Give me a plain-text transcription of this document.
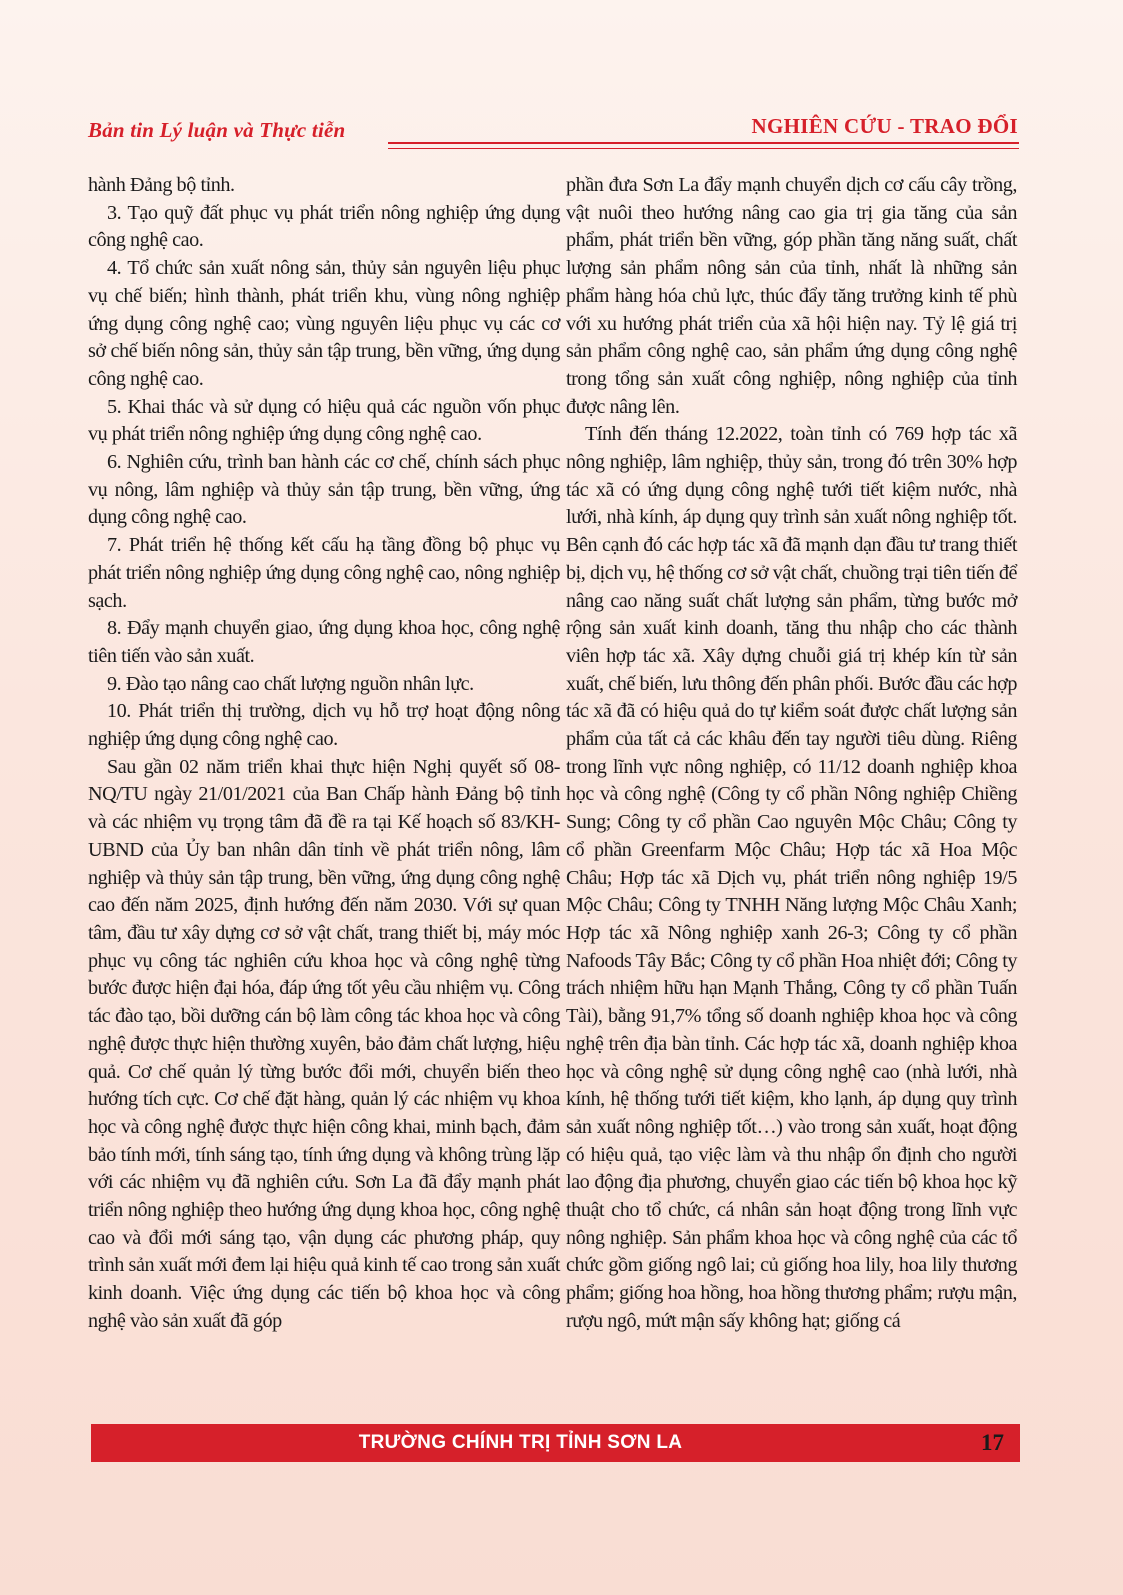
Bản tin Lý luận và Thực tiễn	NGHIÊN CỨU - TRAO ĐỔI

hành Đảng bộ tỉnh.

3. Tạo quỹ đất phục vụ phát triển nông nghiệp ứng dụng công nghệ cao.

4. Tổ chức sản xuất nông sản, thủy sản nguyên liệu phục vụ chế biến; hình thành, phát triển khu, vùng nông nghiệp ứng dụng công nghệ cao; vùng nguyên liệu phục vụ các cơ sở chế biến nông sản, thủy sản tập trung, bền vững, ứng dụng công nghệ cao.

5. Khai thác và sử dụng có hiệu quả các nguồn vốn phục vụ phát triển nông nghiệp ứng dụng công nghệ cao.

6. Nghiên cứu, trình ban hành các cơ chế, chính sách phục vụ nông, lâm nghiệp và thủy sản tập trung, bền vững, ứng dụng công nghệ cao.

7. Phát triển hệ thống kết cấu hạ tầng đồng bộ phục vụ phát triển nông nghiệp ứng dụng công nghệ cao, nông nghiệp sạch.

8. Đẩy mạnh chuyển giao, ứng dụng khoa học, công nghệ tiên tiến vào sản xuất.

9. Đào tạo nâng cao chất lượng nguồn nhân lực.

10. Phát triển thị trường, dịch vụ hỗ trợ hoạt động nông nghiệp ứng dụng công nghệ cao.

Sau gần 02 năm triển khai thực hiện Nghị quyết số 08-NQ/TU ngày 21/01/2021 của Ban Chấp hành Đảng bộ tỉnh và các nhiệm vụ trọng tâm đã đề ra tại Kế hoạch số 83/KH-UBND của Ủy ban nhân dân tỉnh về phát triển nông, lâm nghiệp và thủy sản tập trung, bền vững, ứng dụng công nghệ cao đến năm 2025, định hướng đến năm 2030. Với sự quan tâm, đầu tư xây dựng cơ sở vật chất, trang thiết bị, máy móc phục vụ công tác nghiên cứu khoa học và công nghệ từng bước được hiện đại hóa, đáp ứng tốt yêu cầu nhiệm vụ. Công tác đào tạo, bồi dưỡng cán bộ làm công tác khoa học và công nghệ được thực hiện thường xuyên, bảo đảm chất lượng, hiệu quả. Cơ chế quản lý từng bước đổi mới, chuyển biến theo hướng tích cực. Cơ chế đặt hàng, quản lý các nhiệm vụ khoa học và công nghệ được thực hiện công khai, minh bạch, đảm bảo tính mới, tính sáng tạo, tính ứng dụng và không trùng lặp với các nhiệm vụ đã nghiên cứu. Sơn La đã đẩy mạnh phát triển nông nghiệp theo hướng ứng dụng khoa học, công nghệ cao và đổi mới sáng tạo, vận dụng các phương pháp, quy trình sản xuất mới đem lại hiệu quả kinh tế cao trong sản xuất kinh doanh. Việc ứng dụng các tiến bộ khoa học và công nghệ vào sản xuất đã góp

phần đưa Sơn La đẩy mạnh chuyển dịch cơ cấu cây trồng, vật nuôi theo hướng nâng cao gia trị gia tăng của sản phẩm, phát triển bền vững, góp phần tăng năng suất, chất lượng sản phẩm nông sản của tỉnh, nhất là những sản phẩm hàng hóa chủ lực, thúc đẩy tăng trưởng kinh tế phù với xu hướng phát triển của xã hội hiện nay. Tỷ lệ giá trị sản phẩm công nghệ cao, sản phẩm ứng dụng công nghệ trong tổng sản xuất công nghiệp, nông nghiệp của tỉnh được nâng lên.

Tính đến tháng 12.2022, toàn tỉnh có 769 hợp tác xã nông nghiệp, lâm nghiệp, thủy sản, trong đó trên 30% hợp tác xã có ứng dụng công nghệ tưới tiết kiệm nước, nhà lưới, nhà kính, áp dụng quy trình sản xuất nông nghiệp tốt. Bên cạnh đó các hợp tác xã đã mạnh dạn đầu tư trang thiết bị, dịch vụ, hệ thống cơ sở vật chất, chuồng trại tiên tiến để nâng cao năng suất chất lượng sản phẩm, từng bước mở rộng sản xuất kinh doanh, tăng thu nhập cho các thành viên hợp tác xã. Xây dựng chuỗi giá trị khép kín từ sản xuất, chế biến, lưu thông đến phân phối. Bước đầu các hợp tác xã đã có hiệu quả do tự kiểm soát được chất lượng sản phẩm của tất cả các khâu đến tay người tiêu dùng. Riêng trong lĩnh vực nông nghiệp, có 11/12 doanh nghiệp khoa học và công nghệ (Công ty cổ phần Nông nghiệp Chiềng Sung; Công ty cổ phần Cao nguyên Mộc Châu; Công ty cổ phần Greenfarm Mộc Châu; Hợp tác xã Hoa Mộc Châu; Hợp tác xã Dịch vụ, phát triển nông nghiệp 19/5 Mộc Châu; Công ty TNHH Năng lượng Mộc Châu Xanh; Hợp tác xã Nông nghiệp xanh 26-3; Công ty cổ phần Nafoods Tây Bắc; Công ty cổ phần Hoa nhiệt đới; Công ty trách nhiệm hữu hạn Mạnh Thắng, Công ty cổ phần Tuấn Tài), bằng 91,7% tổng số doanh nghiệp khoa học và công nghệ trên địa bàn tỉnh. Các hợp tác xã, doanh nghiệp khoa học và công nghệ sử dụng công nghệ cao (nhà lưới, nhà kính, hệ thống tưới tiết kiệm, kho lạnh, áp dụng quy trình sản xuất nông nghiệp tốt…) vào trong sản xuất, hoạt động có hiệu quả, tạo việc làm và thu nhập ổn định cho người lao động địa phương, chuyển giao các tiến bộ khoa học kỹ thuật cho tổ chức, cá nhân sản hoạt động trong lĩnh vực nông nghiệp. Sản phẩm khoa học và công nghệ của các tổ chức gồm giống ngô lai; củ giống hoa lily, hoa lily thương phẩm; giống hoa hồng, hoa hồng thương phẩm; rượu mận, rượu ngô, mứt mận sấy không hạt; giống cá

TRƯỜNG CHÍNH TRỊ TỈNH SƠN LA	17
